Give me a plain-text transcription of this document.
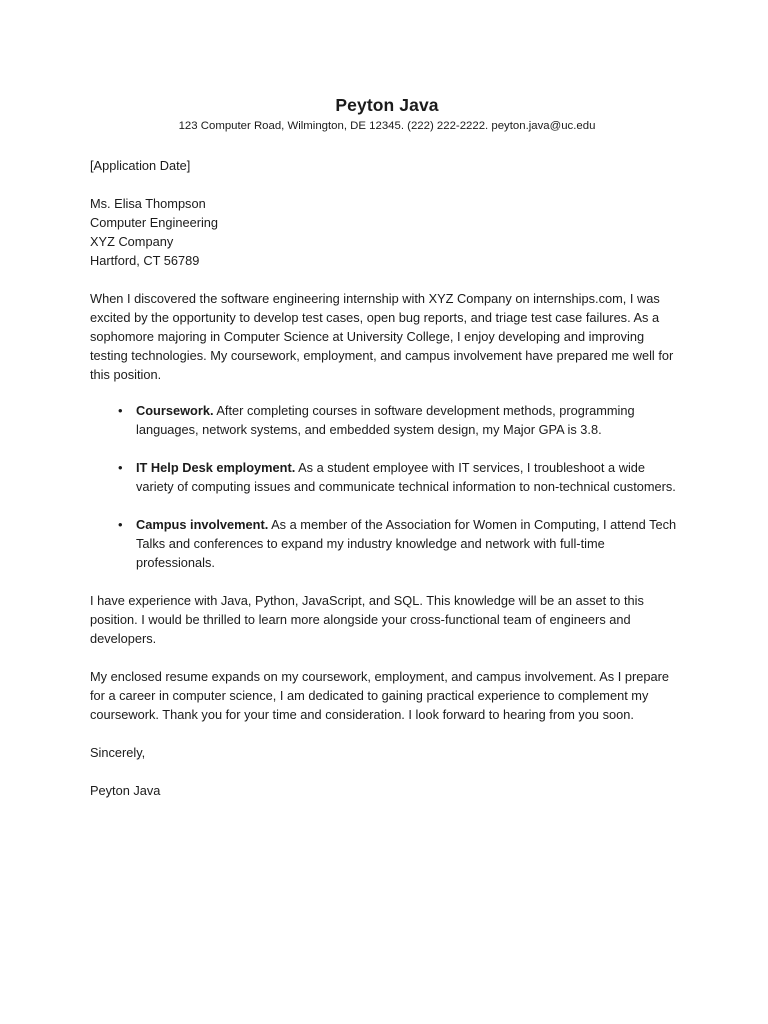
Peyton Java

123 Computer Road, Wilmington, DE 12345. (222) 222-2222. peyton.java@uc.edu

[Application Date]

Ms. Elisa Thompson
Computer Engineering
XYZ Company
Hartford, CT 56789

When I discovered the software engineering internship with XYZ Company on internships.com, I was excited by the opportunity to develop test cases, open bug reports, and triage test case failures. As a sophomore majoring in Computer Science at University College, I enjoy developing and improving testing technologies. My coursework, employment, and campus involvement have prepared me well for this position.

• Coursework. After completing courses in software development methods, programming languages, network systems, and embedded system design, my Major GPA is 3.8.
• IT Help Desk employment. As a student employee with IT services, I troubleshoot a wide variety of computing issues and communicate technical information to non-technical customers.
• Campus involvement. As a member of the Association for Women in Computing, I attend Tech Talks and conferences to expand my industry knowledge and network with full-time professionals.

I have experience with Java, Python, JavaScript, and SQL. This knowledge will be an asset to this position. I would be thrilled to learn more alongside your cross-functional team of engineers and developers.

My enclosed resume expands on my coursework, employment, and campus involvement. As I prepare for a career in computer science, I am dedicated to gaining practical experience to complement my coursework. Thank you for your time and consideration. I look forward to hearing from you soon.

Sincerely,

Peyton Java
